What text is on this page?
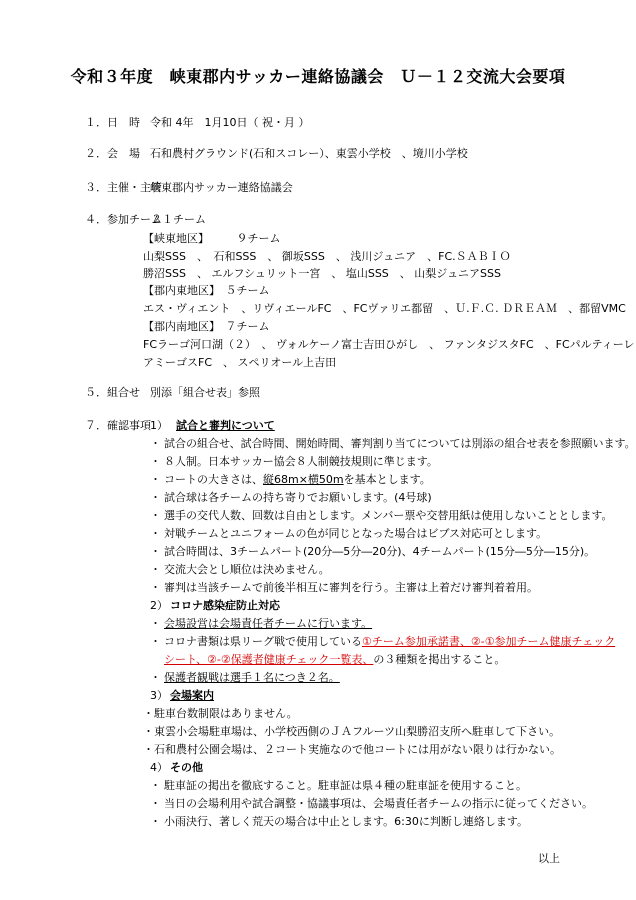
令和３年度　峡東郡内サッカー連絡協議会　Ｕ－１２交流大会要項
１．日　時 令和 4年　1月10日（ 祝・月 ）
２．会　場 石和農村グラウンド(石和スコレー）、東雲小学校　、境川小学校
３．主催・主管
峡東郡内サッカー連絡協議会
４．参加チーム
２１チーム
【峡東地区】　　　９チーム
山梨SSS　、　石和SSS　、 御坂SSS　、 浅川ジュニア　、FC.ＳＡＢＩＯ
勝沼SSS　、 エルフシュリット一宮　、 塩山SSS　、 山梨ジュニアSSS
【郡内東地区】　５チーム
エス・ヴィエント　、リヴィエールFC　、FCヴァリエ都留　、Ｕ.Ｆ.Ｃ. ＤＲＥＡＭ　、都留VMC
【郡内南地区】　７チーム
FCラーゴ河口湖（２）　、 ヴォルケーノ富士吉田ひがし　、 ファンタジスタFC　、FCパルティーレ
アミーゴスFC　、 スペリオール上吉田
５．組合せ 別添「組合せ表」参照
７．確認事項 1） 試合と審判について
・ 試合の組合せ、試合時間、開始時間、審判割り当てについては別添の組合せ表を参照願います。
・ ８人制。日本サッカー協会８人制競技規則に準じます。
・ コートの大きさは、縦68m×横50mを基本とします。
・ 試合球は各チームの持ち寄りでお願いします。(4号球)
・ 選手の交代人数、回数は自由とします。メンバー票や交替用紙は使用しないこととします。
・ 対戦チームとユニフォームの色が同じとなった場合はビブス対応可とします。
・ 試合時間は、3チームパート(20分―5分―20分)、4チームパート(15分―5分―15分)。
・ 交流大会とし順位は決めません。
・ 審判は当該チームで前後半相互に審判を行う。主審は上着だけ審判着着用。
2） コロナ感染症防止対応
・ 会場設営は会場責任者チームに行います。
・ コロナ書類は県リーグ戦で使用している①チーム参加承諾書、②-①参加チーム健康チェック
シート、②-②保護者健康チェック一覧表、の３種類を掲出すること。
・ 保護者観戦は選手１名につき２名。
3） 会場案内
・駐車台数制限はありません。
・東雲小会場駐車場は、小学校西側のＪＡフルーツ山梨勝沼支所へ駐車して下さい。
・石和農村公園会場は、２コート実施なので他コートには用がない限りは行かない。
4） その他
・ 駐車証の掲出を徹底すること。駐車証は県４種の駐車証を使用すること。
・ 当日の会場利用や試合調整・協議事項は、会場責任者チームの指示に従ってください。
・ 小雨決行、著しく荒天の場合は中止とします。6:30に判断し連絡します。
以上
